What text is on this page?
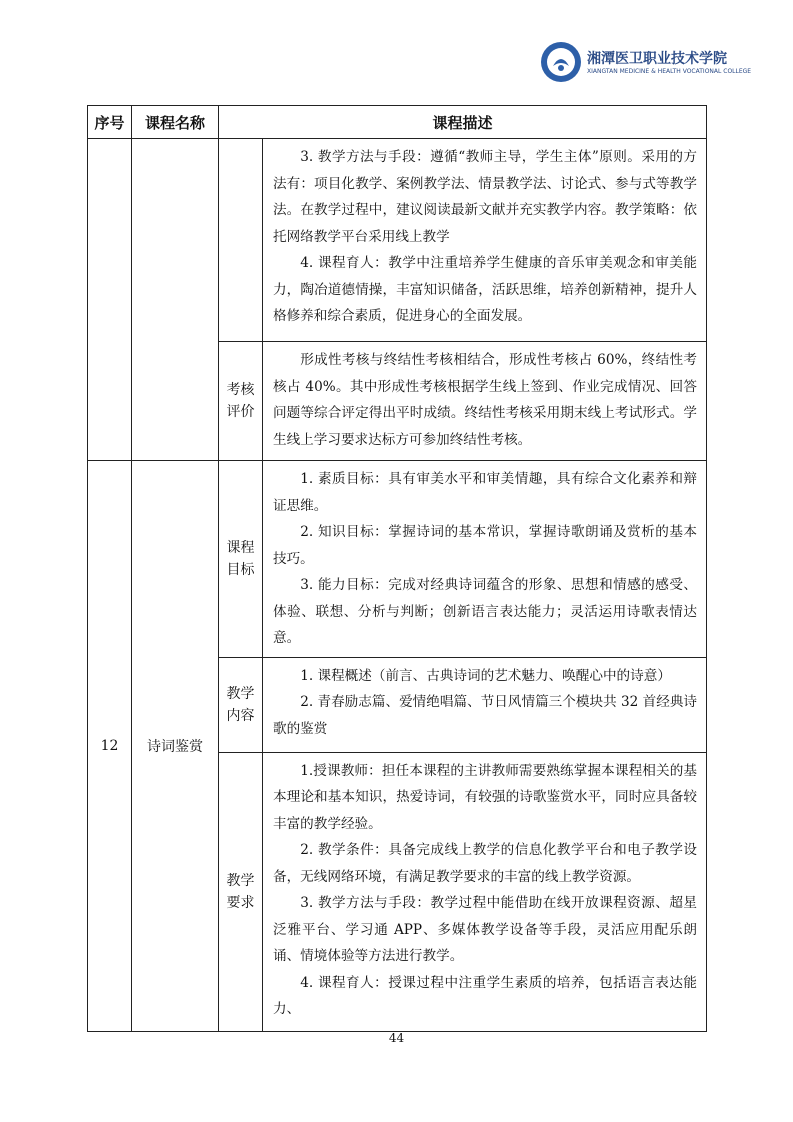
湘潭医卫职业技术学院
XIANGTAN MEDICINE & HEALTH VOCATIONAL COLLEGE
序号	课程名称	课程描述	

			3. 教学方法与手段：遵循“教师主导，学生主体”原则。采用的方法有：项目化教学、案例教学法、情景教学法、讨论式、参与式等教学法。在教学过程中，建议阅读最新文献并充实教学内容。教学策略：依托网络教学平台采用线上教学

4. 课程育人：教学中注重培养学生健康的音乐审美观念和审美能力，陶冶道德情操，丰富知识储备，活跃思维，培养创新精神，提升人格修养和综合素质，促进身心的全面发展。

		考核评价	形成性考核与终结性考核相结合，形成性考核占 60%，终结性考核占 40%。其中形成性考核根据学生线上签到、作业完成情况、回答问题等综合评定得出平时成绩。终结性考核采用期末线上考试形式。学生线上学习要求达标方可参加终结性考核。

12	诗词鉴赏	课程目标	1. 素质目标：具有审美水平和审美情趣，具有综合文化素养和辩证思维。

2. 知识目标：掌握诗词的基本常识，掌握诗歌朗诵及赏析的基本技巧。

3. 能力目标：完成对经典诗词蕴含的形象、思想和情感的感受、体验、联想、分析与判断；创新语言表达能力；灵活运用诗歌表情达意。

		教学内容	1. 课程概述（前言、古典诗词的艺术魅力、唤醒心中的诗意）

2. 青春励志篇、爱情绝唱篇、节日风情篇三个模块共 32 首经典诗歌的鉴赏

		教学要求	1.授课教师：担任本课程的主讲教师需要熟练掌握本课程相关的基本理论和基本知识，热爱诗词，有较强的诗歌鉴赏水平，同时应具备较丰富的教学经验。

2. 教学条件：具备完成线上教学的信息化教学平台和电子教学设备，无线网络环境，有满足教学要求的丰富的线上教学资源。

3. 教学方法与手段：教学过程中能借助在线开放课程资源、超星泛雅平台、学习通 APP、多媒体教学设备等手段，灵活应用配乐朗诵、情境体验等方法进行教学。

4. 课程育人：授课过程中注重学生素质的培养，包括语言表达能力、

44
